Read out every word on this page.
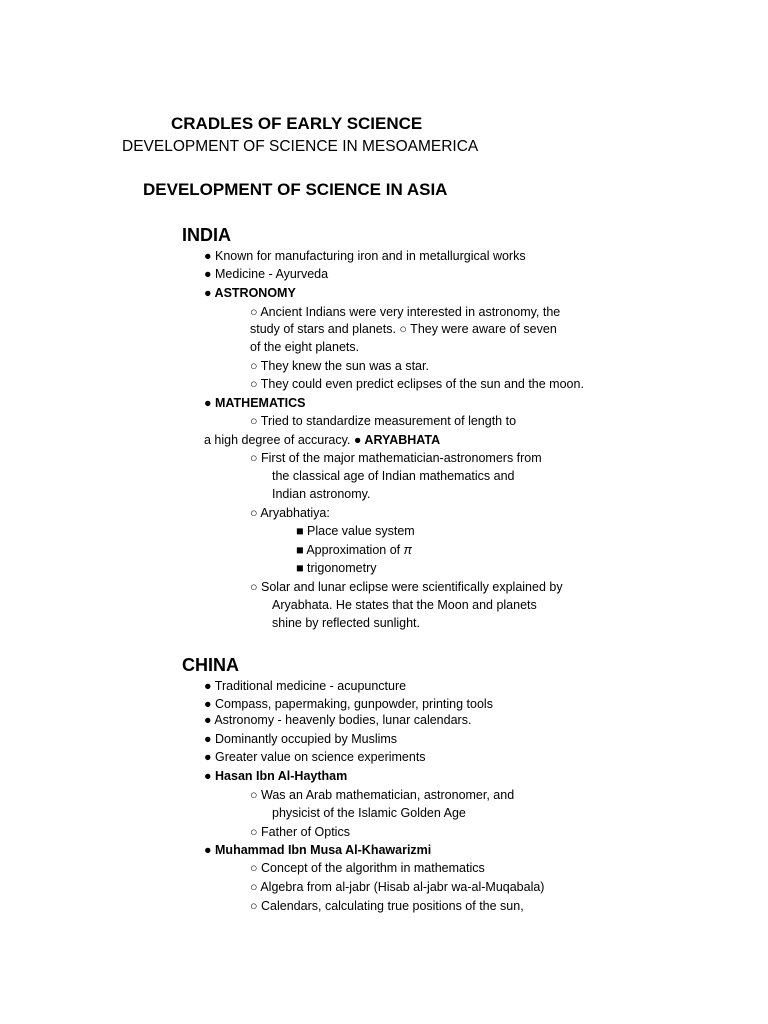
CRADLES OF EARLY SCIENCE
DEVELOPMENT OF SCIENCE IN MESOAMERICA
DEVELOPMENT OF SCIENCE IN ASIA
INDIA
● Known for manufacturing iron and in metallurgical works
● Medicine - Ayurveda
● ASTRONOMY
○ Ancient Indians were very interested in astronomy, the
study of stars and planets. ○ They were aware of seven
of the eight planets.
○ They knew the sun was a star.
○ They could even predict eclipses of the sun and the moon.
● MATHEMATICS
○ Tried to standardize measurement of length to
a high degree of accuracy. ● ARYABHATA
○ First of the major mathematician-astronomers from
the classical age of Indian mathematics and
Indian astronomy.
○ Aryabhatiya:
■ Place value system
■ Approximation of π
■ trigonometry
○ Solar and lunar eclipse were scientifically explained by
Aryabhata. He states that the Moon and planets
shine by reflected sunlight.
CHINA
● Traditional medicine - acupuncture
● Compass, papermaking, gunpowder, printing tools
● Astronomy - heavenly bodies, lunar calendars.
● Dominantly occupied by Muslims
● Greater value on science experiments
● Hasan Ibn Al-Haytham
○ Was an Arab mathematician, astronomer, and
physicist of the Islamic Golden Age
○ Father of Optics
● Muhammad Ibn Musa Al-Khawarizmi
○ Concept of the algorithm in mathematics
○ Algebra from al-jabr (Hisab al-jabr wa-al-Muqabala)
○ Calendars, calculating true positions of the sun,
